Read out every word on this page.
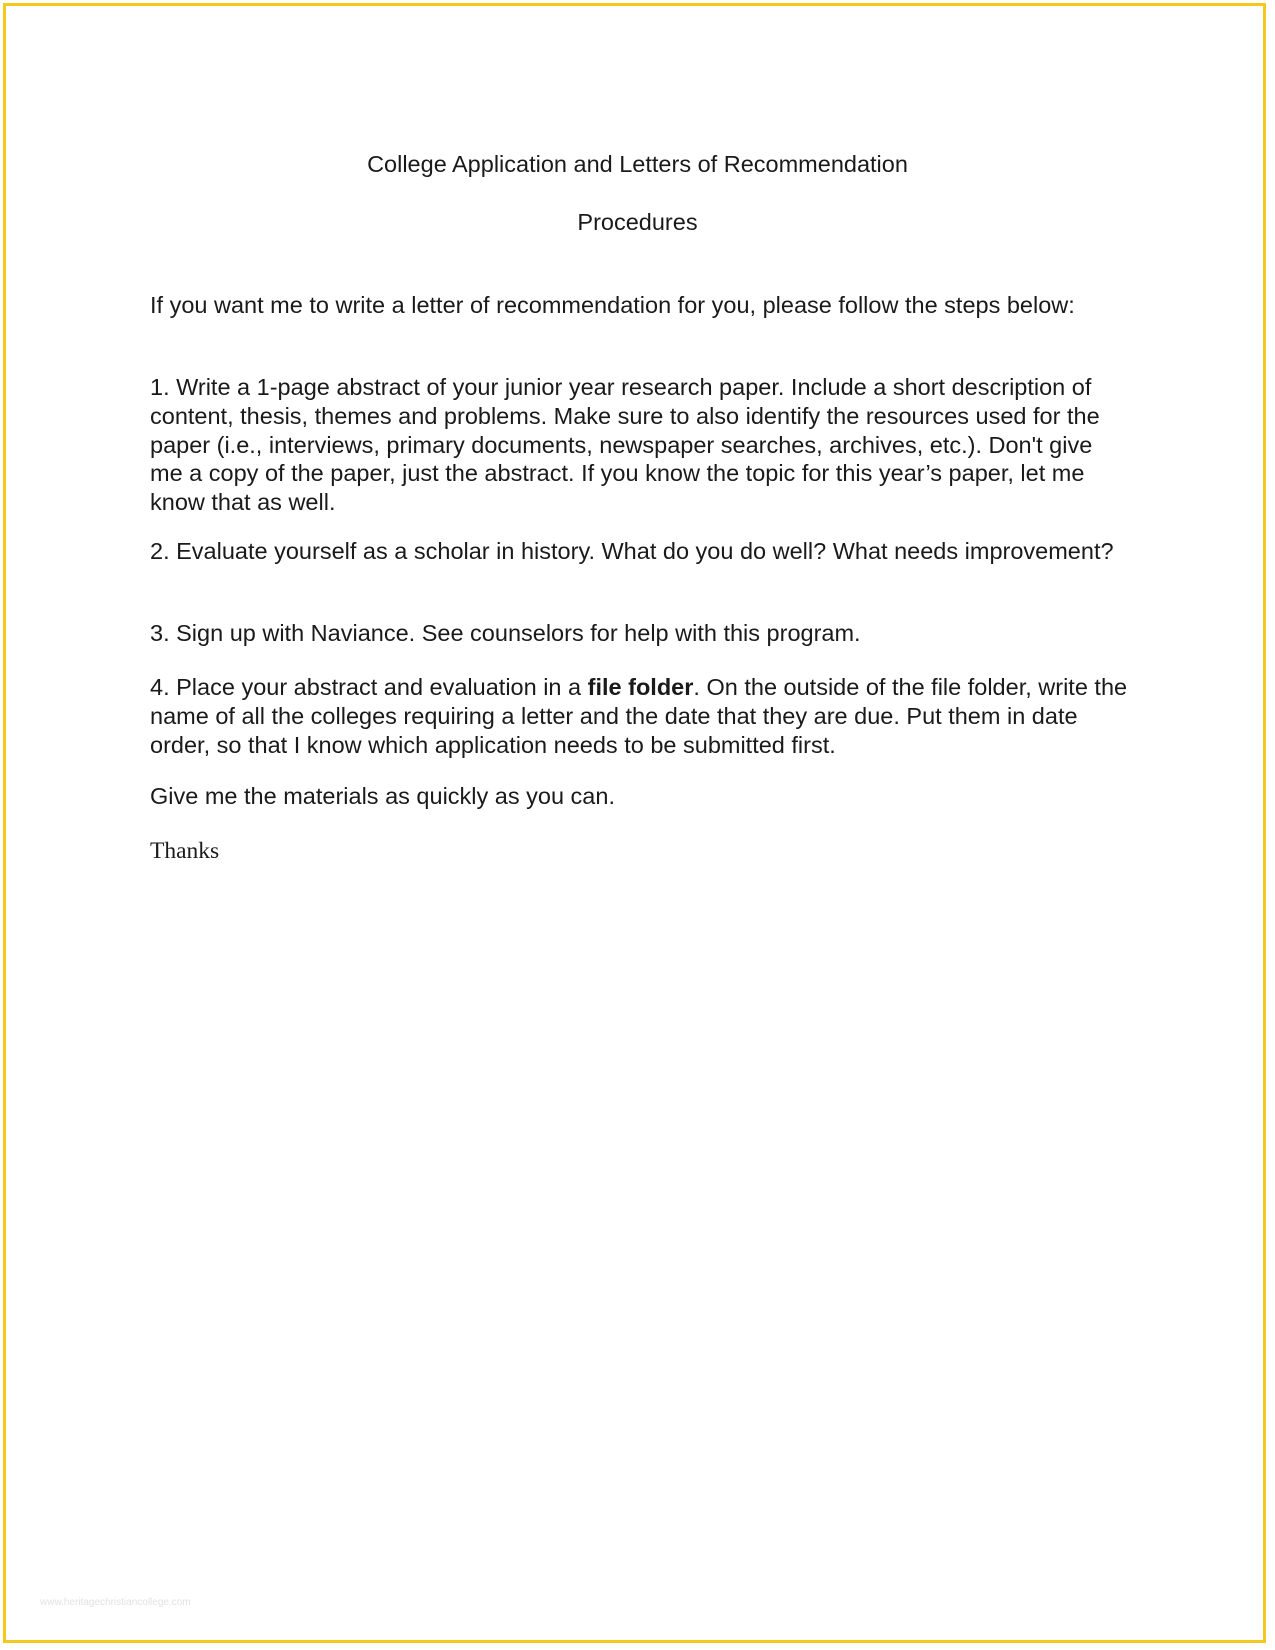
College Application and Letters of Recommendation
Procedures

If you want me to write a letter of recommendation for you, please follow the steps below:

1. Write a 1-page abstract of your junior year research paper. Include a short description of content, thesis, themes and problems. Make sure to also identify the resources used for the paper (i.e., interviews, primary documents, newspaper searches, archives, etc.). Don't give me a copy of the paper, just the abstract. If you know the topic for this year’s paper, let me know that as well.

2. Evaluate yourself as a scholar in history. What do you do well? What needs improvement?

3. Sign up with Naviance. See counselors for help with this program.

4. Place your abstract and evaluation in a file folder. On the outside of the file folder, write the name of all the colleges requiring a letter and the date that they are due. Put them in date order, so that I know which application needs to be submitted first.

Give me the materials as quickly as you can.

Thanks

www.heritagechristiancollege.com
